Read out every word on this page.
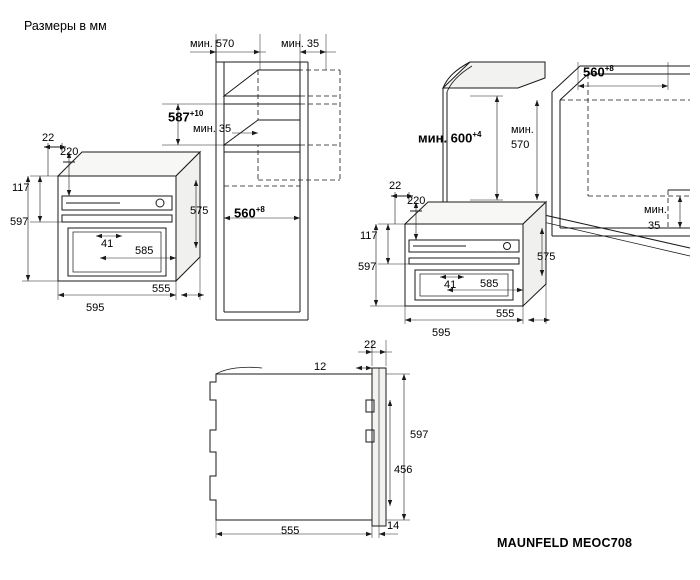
Размеры в мм
MAUNFELD MEOC708
22
220
117
597
41
585
595
555
575
мин. 570	мин. 35
$587^{+10}$
мин. 35
$560^{+8}$
мин. $600^{+4}$	мин.
570
$560^{+8}$
мин.
35
22
220
117
597
41 585
595
555
575
22
12
597
456
14
555
